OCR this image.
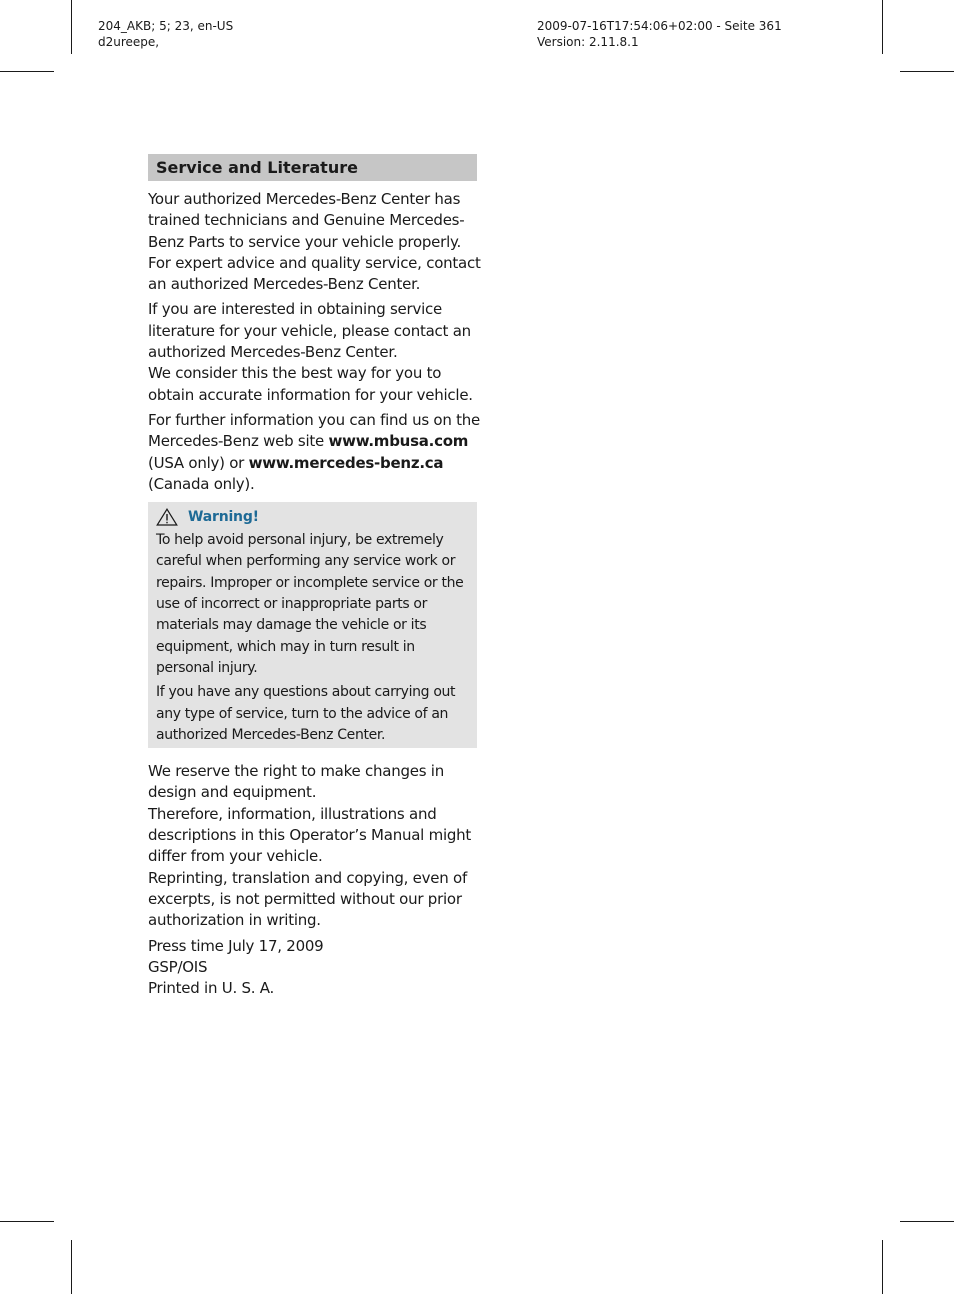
204_AKB; 5; 23, en-US
d2ureepe,
2009-07-16T17:54:06+02:00 - Seite 361
Version: 2.11.8.1
Service and Literature

Your authorized Mercedes-Benz Center has
trained technicians and Genuine Mercedes-
Benz Parts to service your vehicle properly.
For expert advice and quality service, contact
an authorized Mercedes-Benz Center.

If you are interested in obtaining service
literature for your vehicle, please contact an
authorized Mercedes-Benz Center.
We consider this the best way for you to
obtain accurate information for your vehicle.

For further information you can find us on the
Mercedes-Benz web site www.mbusa.com
(USA only) or www.mercedes-benz.ca
(Canada only).

Warning!

To help avoid personal injury, be extremely
careful when performing any service work or
repairs. Improper or incomplete service or the
use of incorrect or inappropriate parts or
materials may damage the vehicle or its
equipment, which may in turn result in
personal injury.

If you have any questions about carrying out
any type of service, turn to the advice of an
authorized Mercedes-Benz Center.

We reserve the right to make changes in
design and equipment.
Therefore, information, illustrations and
descriptions in this Operator’s Manual might
differ from your vehicle.
Reprinting, translation and copying, even of
excerpts, is not permitted without our prior
authorization in writing.

Press time July 17, 2009
GSP/OIS
Printed in U. S. A.
